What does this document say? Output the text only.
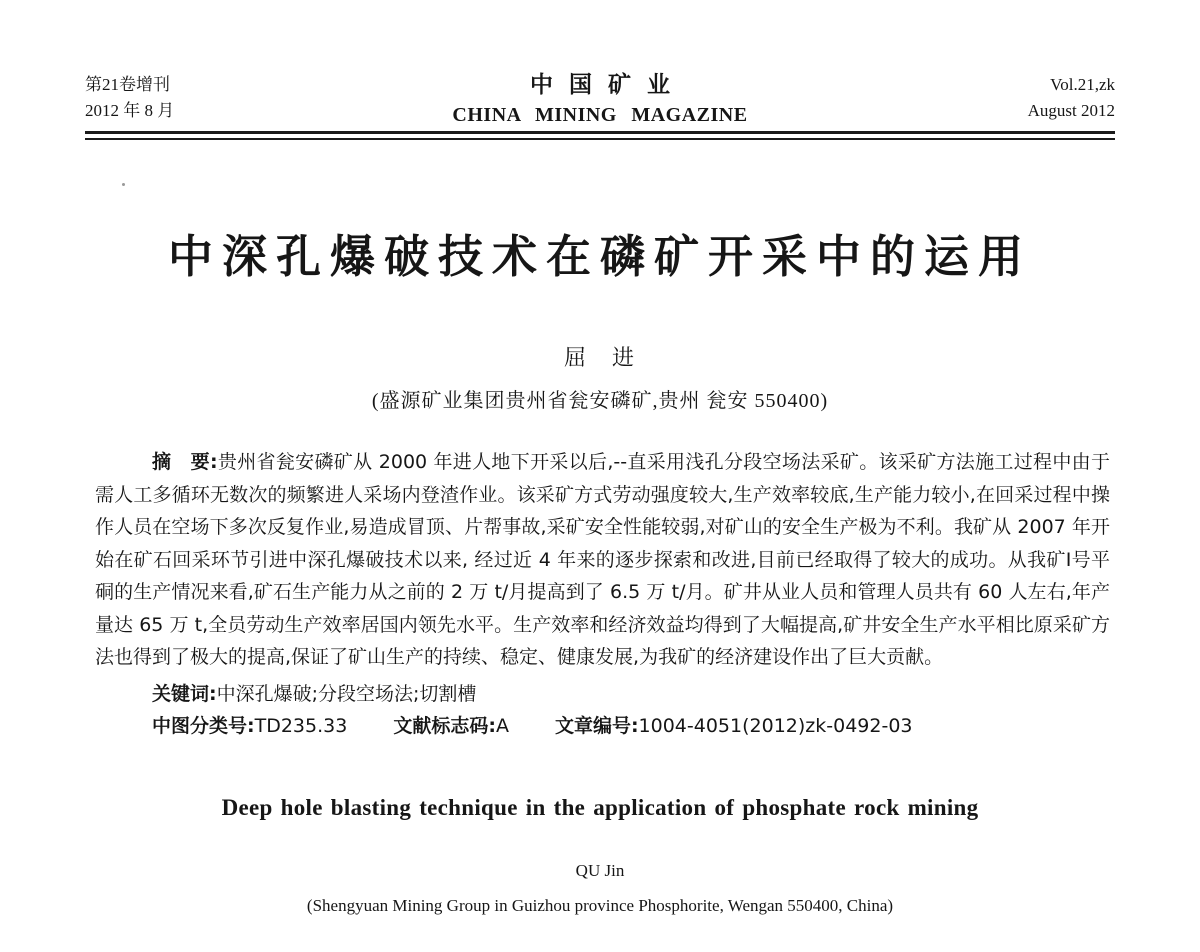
第21卷增刊
2012 年 8 月
中国矿业
CHINA MINING MAGAZINE
Vol.21,zk
August 2012
中深孔爆破技术在磷矿开采中的运用
屈　进
(盛源矿业集团贵州省瓮安磷矿,贵州 瓮安 550400)

摘　要:贵州省瓮安磷矿从 2000 年进人地下开采以后,--直采用浅孔分段空场法采矿。该采矿方法施工过程中由于需人工多循环无数次的频繁进人采场内登渣作业。该采矿方式劳动强度较大,生产效率较底,生产能力较小,在回采过程中操作人员在空场下多次反复作业,易造成冒顶、片帮事故,采矿安全性能较弱,对矿山的安全生产极为不利。我矿从 2007 年开始在矿石回采环节引进中深孔爆破技术以来, 经过近 4 年来的逐步探索和改进,目前已经取得了较大的成功。从我矿Ⅰ号平硐的生产情况来看,矿石生产能力从之前的 2 万 t/月提高到了 6.5 万 t/月。矿井从业人员和管理人员共有 60 人左右,年产量达 65 万 t,全员劳动生产效率居国内领先水平。生产效率和经济效益均得到了大幅提高,矿井安全生产水平相比原采矿方法也得到了极大的提高,保证了矿山生产的持续、稳定、健康发展,为我矿的经济建设作出了巨大贡献。

关键词:中深孔爆破;分段空场法;切割槽

中图分类号:TD235.33 文献标志码:A 文章编号:1004-4051(2012)zk-0492-03

Deep hole blasting technique in the application of phosphate rock mining
QU Jin
(Shengyuan Mining Group in Guizhou province Phosphorite, Wengan 550400, China)
